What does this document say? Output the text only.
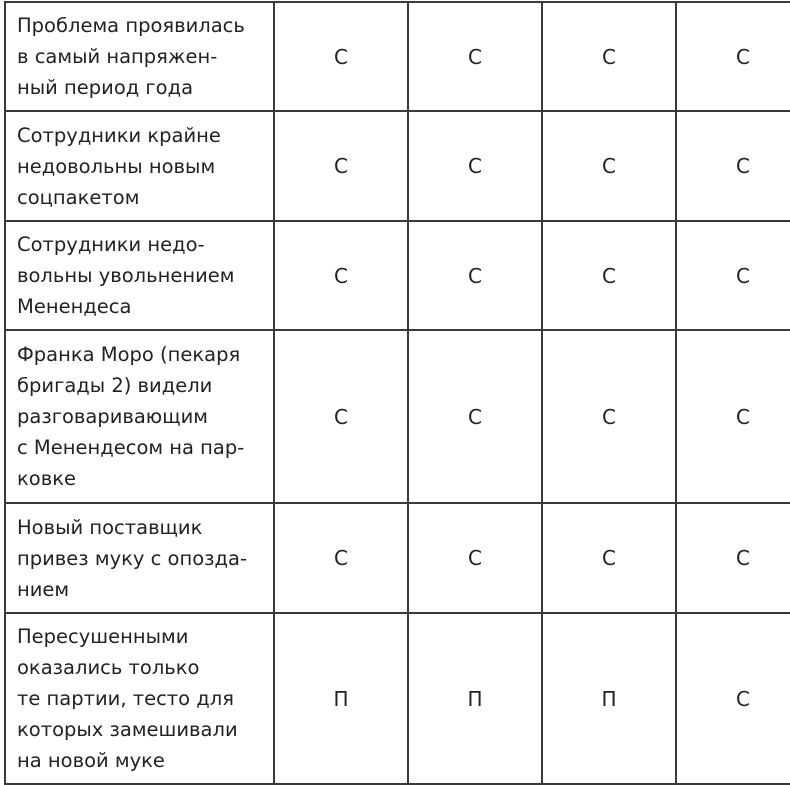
Проблема проявилась
в самый напряжен-
ный период года	С	С	С	С
Сотрудники крайне
недовольны новым
соцпакетом	С	С	С	С
Сотрудники недо-
вольны увольнением
Менендеса	С	С	С	С
Франка Моро (пекаря
бригады 2) видели
разговаривающим
с Менендесом на пар-
ковке	С	С	С	С
Новый поставщик
привез муку с опозда-
нием	С	С	С	С
Пересушенными
оказались только
те партии, тесто для
которых замешивали
на новой муке	П	П	П	С
